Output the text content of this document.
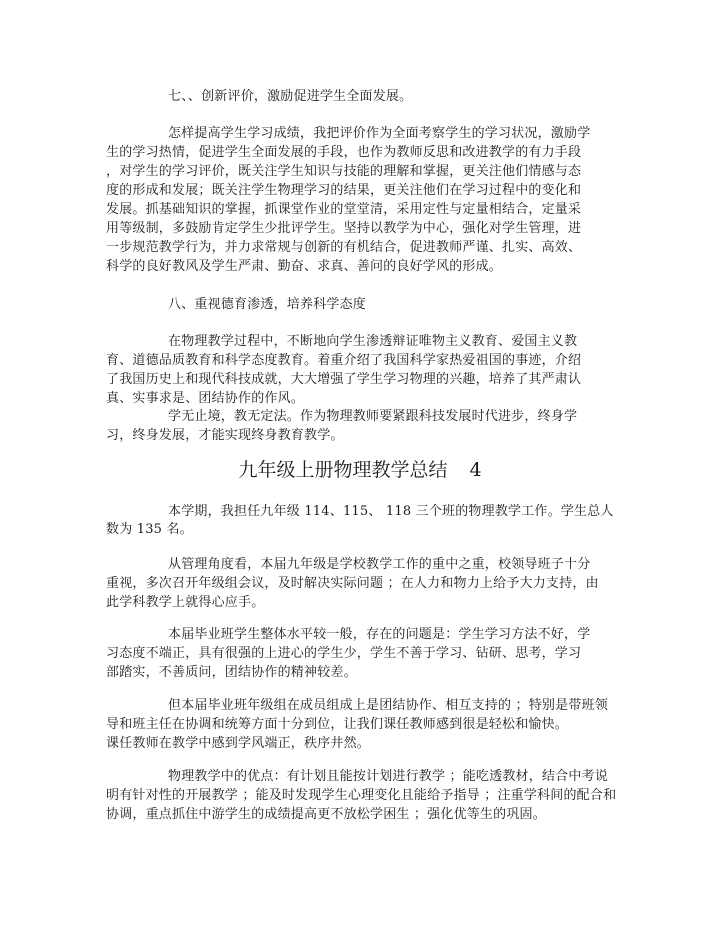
七、、创新评价，激励促进学生全面发展。

怎样提高学生学习成绩，我把评价作为全面考察学生的学习状况，激励学

生的学习热情，促进学生全面发展的手段，也作为教师反思和改进教学的有力手段

，对学生的学习评价，既关注学生知识与技能的理解和掌握，更关注他们情感与态

度的形成和发展；既关注学生物理学习的结果，更关注他们在学习过程中的变化和

发展。抓基础知识的掌握，抓课堂作业的堂堂清，采用定性与定量相结合，定量采

用等级制，多鼓励肯定学生少批评学生。坚持以教学为中心，强化对学生管理，进

一步规范教学行为，并力求常规与创新的有机结合，促进教师严谨、扎实、高效、

科学的良好教风及学生严肃、勤奋、求真、善问的良好学风的形成。

八、重视德育渗透，培养科学态度

在物理教学过程中，不断地向学生渗透辩证唯物主义教育、爱国主义教

育、道德品质教育和科学态度教育。着重介绍了我国科学家热爱祖国的事迹，介绍

了我国历史上和现代科技成就，大大增强了学生学习物理的兴趣，培养了其严肃认

真、实事求是、团结协作的作风。

学无止境，教无定法。作为物理教师要紧跟科技发展时代进步，终身学

习，终身发展，才能实现终身教育教学。

九年级上册物理教学总结 4

本学期，我担任九年级 114、115、 118 三个班的物理教学工作。学生总人

数为 135 名。

从管理角度看，本届九年级是学校教学工作的重中之重，校领导班子十分

重视，多次召开年级组会议，及时解决实际问题 ；在人力和物力上给予大力支持，由

此学科教学上就得心应手。

本届毕业班学生整体水平较一般，存在的问题是：学生学习方法不好，学

习态度不端正，具有很强的上进心的学生少，学生不善于学习、钻研、思考，学习

部踏实，不善质问，团结协作的精神较差。

但本届毕业班年级组在成员组成上是团结协作、相互支持的 ；特别是带班领

导和班主任在协调和统筹方面十分到位，让我们课任教师感到很是轻松和愉快。

课任教师在教学中感到学风端正，秩序井然。

物理教学中的优点：有计划且能按计划进行教学 ；能吃透教材，结合中考说

明有针对性的开展教学 ；能及时发现学生心理变化且能给予指导 ；注重学科间的配合和

协调，重点抓住中游学生的成绩提高更不放松学困生 ；强化优等生的巩固。
